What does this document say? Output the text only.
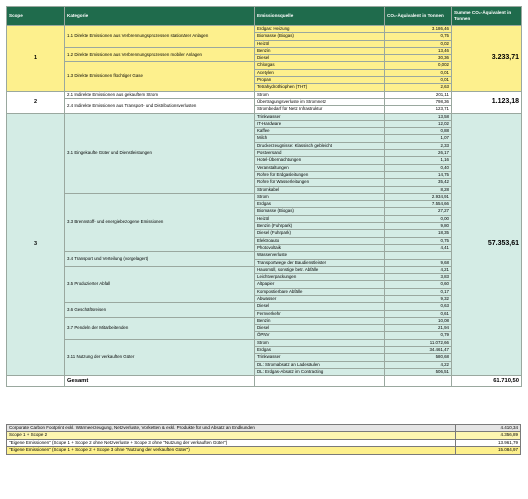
Scope	Kategorie	Emissionsquelle	CO₂-Äquivalent in Tonnen	Summe CO₂-Äquivalent in Tonnen
1	1.1 Direkte Emissionen aus Verbrennungsprozessen stationärer Anlagen	Erdgas: Heizung	3.186,46	3.233,71
		Biomasse (Biogas)	0,75	
		Heizöl	0,02	
	1.2 Direkte Emissionen aus Verbrennungsprozessen mobiler Anlagen	Benzin	13,46	
		Diesel	30,36	
	1.3 Direkte Emissionen flüchtiger Gase	Chlorgas	0,002	
		Acetylen	0,01	
		Propan	0,01	
		Tetrahydrothiophen (THT)	2,63	
2	2.1 Indirekte Emissionen aus gekauftem Strom	Strom	201,11	1.123,18
	2.4 Indirekte Emissionen aus Transport- und Distributionsverlusten	Übertragungsverluste im Stromnetz	798,36	
		Strombedarf für Netz Infrastruktur	123,71	
3	3.1 Eingekaufte Güter und Dienstleistungen	Trinkwasser	13,58	57.353,61
		IT-Hardware	12,02	
		Kaffee	0,88	
		Milch	1,07	
		Druckerzeugnisse: Klassisch gebleicht	2,33	
		Postversand	26,17	
		Hotel-Übernachtungen	1,16	
		Veranstaltungen	0,40	
		Rohre für Erdgasleitungen	14,75	
		Rohre für Wasserleitungen	35,42	
		Stromkabel	8,28	
	3.3 Brennstoff- und energiebezogene Emissionen	Strom	2.934,91	
		Erdgas	7.554,66	
		Biomasse (Biogas)	27,27	
		Heizöl	0,00	
		Benzin (Fuhrpark)	9,80	
		Diesel (Fuhrpark)	18,35	
		Elektroauto	0,75	
		Photovoltaik	4,41	
	3.4 Transport und Verteilung (vorgelagert)	Wasserverluste		
		Transportwege der Baudienstleister	9,68	
	3.5 Produzierter Abfall	Hausmüll, sonstige betr. Abfälle	4,21	
		Leichtverpackungen	3,83	
		Altpapier	0,60	
		Kompostierbare Abfälle	0,17	
		Abwasser	9,32	
	3.6 Geschäftsreisen	Diesel	0,63	
		Fernverkehr	0,61	
	3.7 Pendeln der Mitarbeitenden	Benzin	10,08	
		Diesel	21,94	
		ÖPNV	0,79	
	3.11 Nutzung der verkauften Güter	Strom	11.072,66	
		Erdgas	34.461,47	
		Trinkwasser	580,68	
		DL: Stromabsatz an Ladesäulen	4,22	
		DL: Erdgas-Absatz im Contracting	506,51	
	Gesamt			61.710,50
Corporate Carbon Footprint exkl. Wärmeerzeugung, Netzverluste, Vorketten & exkl. Produkte für und Absatz an Endkunden	4.410,34
Scope 1 + Scope 2	4.356,89
"Eigene Emissionen" (Scope 1 + Scope 2 ohne Netzverluste + Scope 3 ohne "Nutzung der verkauften Güter")	13.961,79
"Eigene Emissionen" (Scope 1 + Scope 2 + Scope 3 ohne "Nutzung der verkauften Güter")	15.084,97
